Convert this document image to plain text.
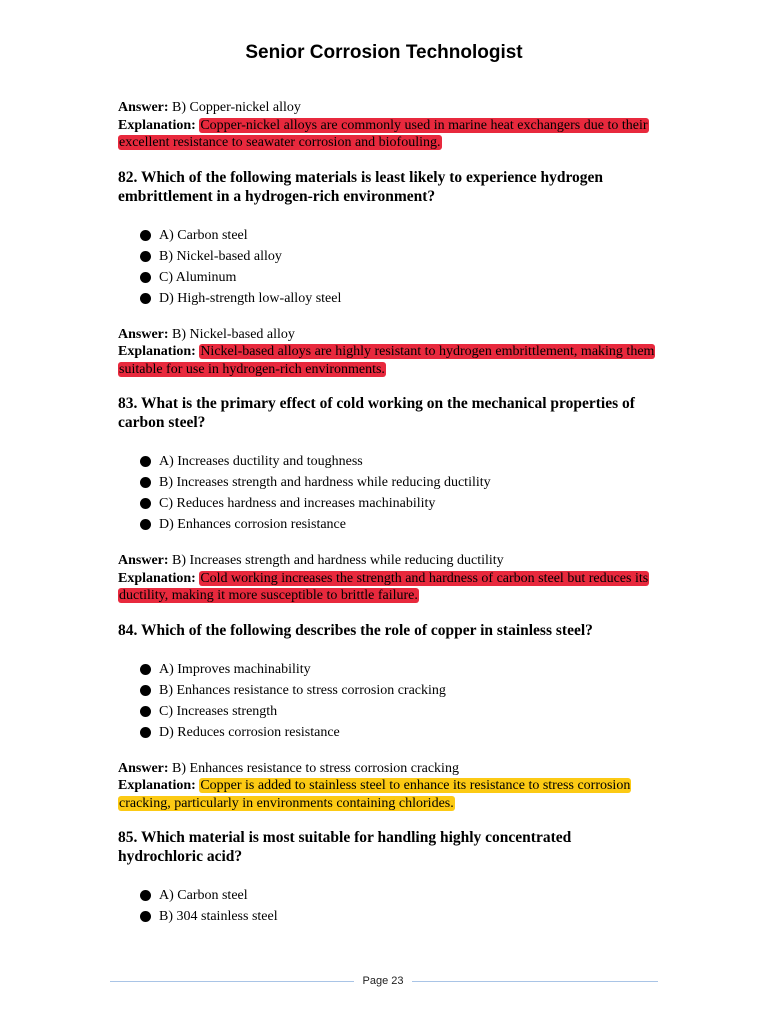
Senior Corrosion Technologist
Answer: B) Copper-nickel alloy
Explanation: Copper-nickel alloys are commonly used in marine heat exchangers due to their excellent resistance to seawater corrosion and biofouling.
82. Which of the following materials is least likely to experience hydrogen embrittlement in a hydrogen-rich environment?
A) Carbon steel
B) Nickel-based alloy
C) Aluminum
D) High-strength low-alloy steel
Answer: B) Nickel-based alloy
Explanation: Nickel-based alloys are highly resistant to hydrogen embrittlement, making them suitable for use in hydrogen-rich environments.
83. What is the primary effect of cold working on the mechanical properties of carbon steel?
A) Increases ductility and toughness
B) Increases strength and hardness while reducing ductility
C) Reduces hardness and increases machinability
D) Enhances corrosion resistance
Answer: B) Increases strength and hardness while reducing ductility
Explanation: Cold working increases the strength and hardness of carbon steel but reduces its ductility, making it more susceptible to brittle failure.
84. Which of the following describes the role of copper in stainless steel?
A) Improves machinability
B) Enhances resistance to stress corrosion cracking
C) Increases strength
D) Reduces corrosion resistance
Answer: B) Enhances resistance to stress corrosion cracking
Explanation: Copper is added to stainless steel to enhance its resistance to stress corrosion cracking, particularly in environments containing chlorides.
85. Which material is most suitable for handling highly concentrated hydrochloric acid?
A) Carbon steel
B) 304 stainless steel
Page 23
